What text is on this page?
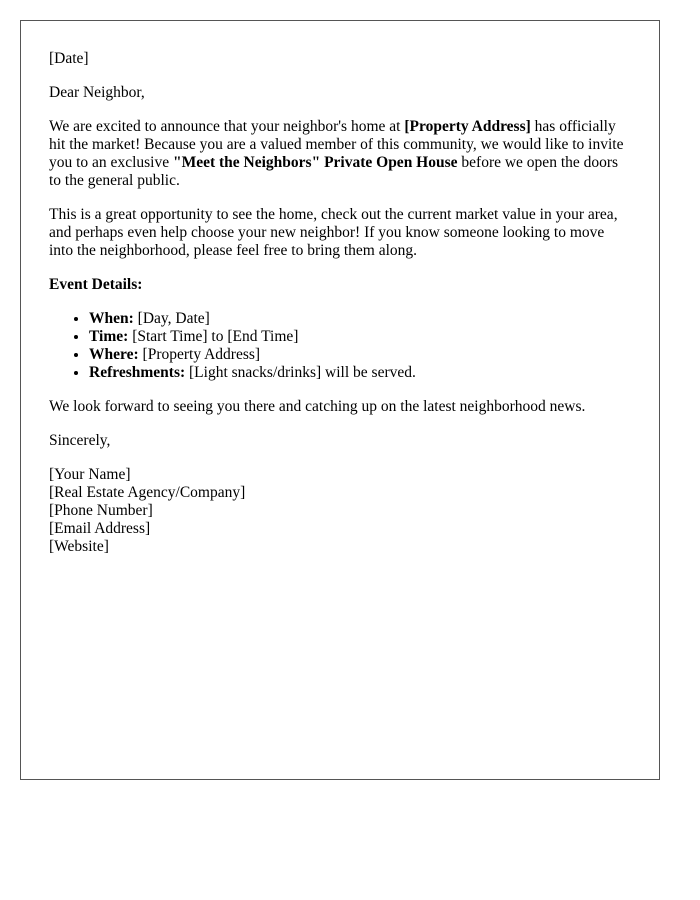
[Date]

Dear Neighbor,

We are excited to announce that your neighbor's home at [Property Address] has officially hit the market! Because you are a valued member of this community, we would like to invite you to an exclusive "Meet the Neighbors" Private Open House before we open the doors to the general public.

This is a great opportunity to see the home, check out the current market value in your area, and perhaps even help choose your new neighbor! If you know someone looking to move into the neighborhood, please feel free to bring them along.

Event Details:

• When: [Day, Date]
• Time: [Start Time] to [End Time]
• Where: [Property Address]
• Refreshments: [Light snacks/drinks] will be served.

We look forward to seeing you there and catching up on the latest neighborhood news.

Sincerely,

[Your Name]

[Real Estate Agency/Company]

[Phone Number]

[Email Address]

[Website]
